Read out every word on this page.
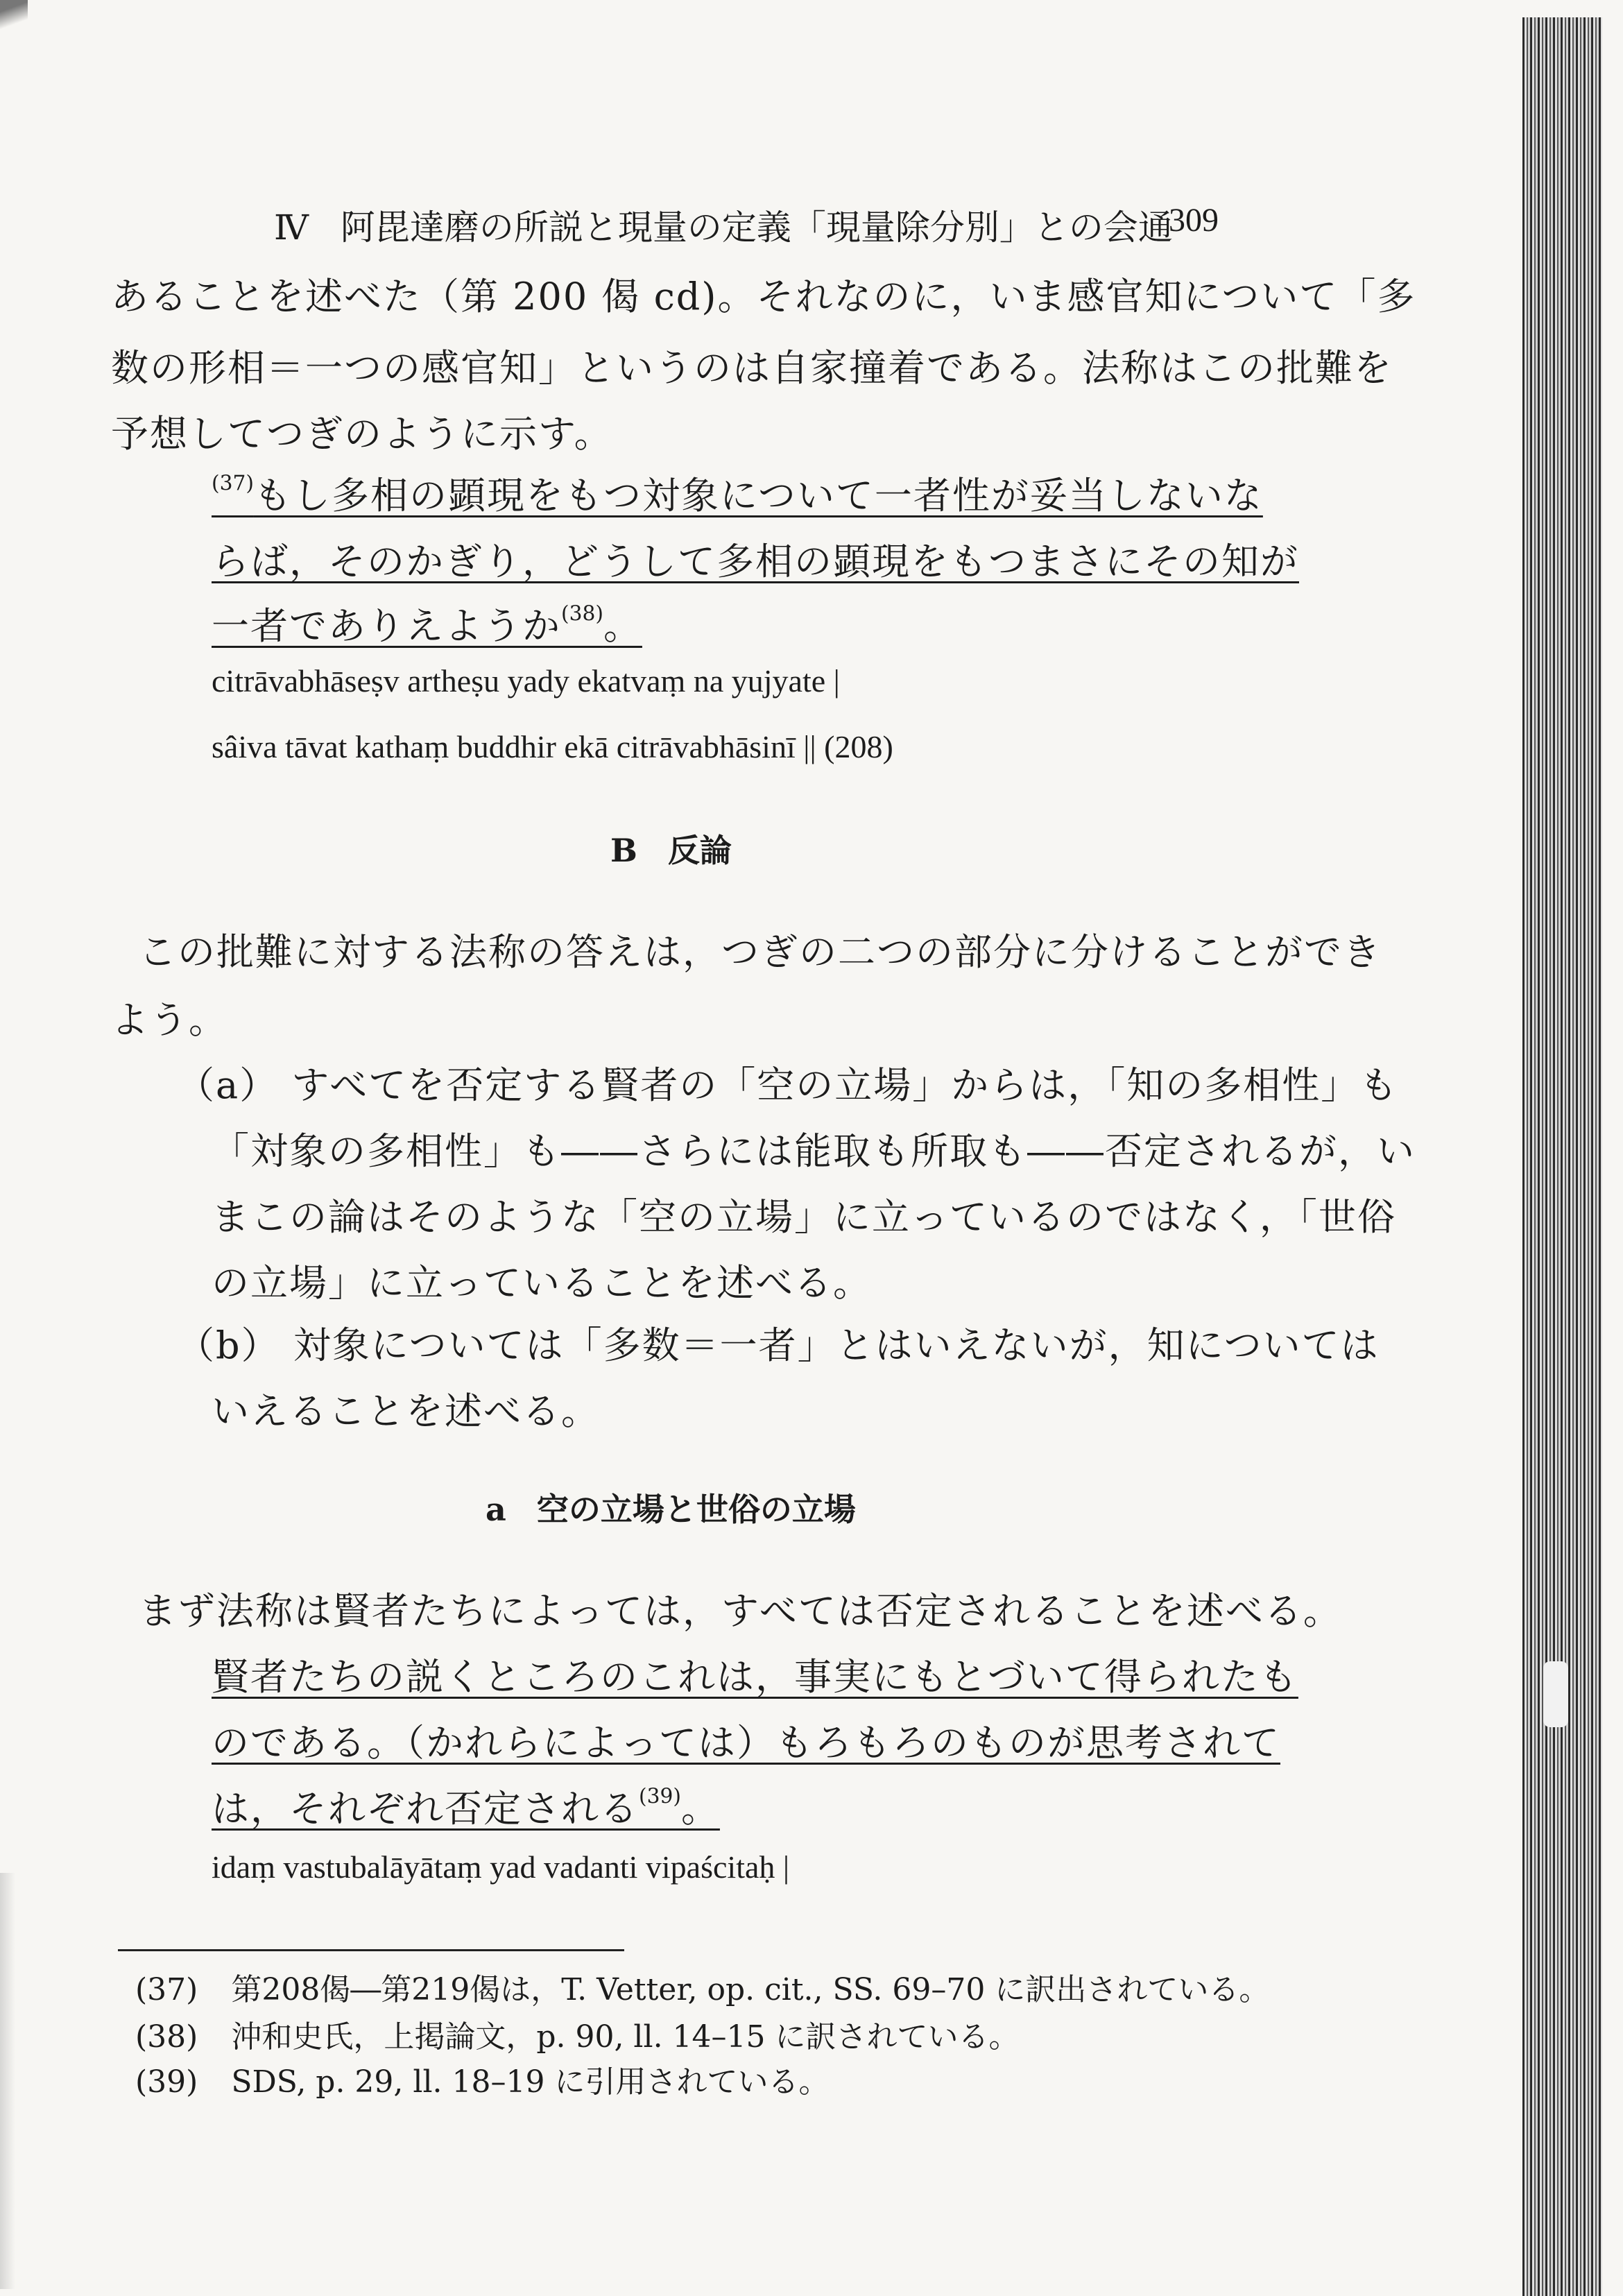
Ⅳ 阿毘達磨の所説と現量の定義「現量除分別」との会通
309
あることを述べた（第 200 偈 cd)。それなのに，いま感官知について「多
数の形相＝一つの感官知」というのは自家撞着である。法称はこの批難を
予想してつぎのように示す。
$^{(37)}$もし多相の顕現をもつ対象について一者性が妥当しないな
らば，そのかぎり，どうして多相の顕現をもつまさにその知が
一者でありえようか$^{(38)}$。
citrāvabhāseṣv artheṣu yady ekatvaṃ na yujyate |
sâiva tāvat kathaṃ buddhir ekā citrāvabhāsinī || (208)
B 反論
この批難に対する法称の答えは，つぎの二つの部分に分けることができ
よう。
（a） すべてを否定する賢者の「空の立場」からは，「知の多相性」も
「対象の多相性」も――さらには能取も所取も――否定されるが，い
まこの論はそのような「空の立場」に立っているのではなく，「世俗
の立場」に立っていることを述べる。
（b） 対象については「多数＝一者」とはいえないが，知については
いえることを述べる。
a 空の立場と世俗の立場
まず法称は賢者たちによっては，すべては否定されることを述べる。
賢者たちの説くところのこれは，事実にもとづいて得られたも
のである。（かれらによっては）もろもろのものが思考されて
は，それぞれ否定される$^{(39)}$。
idaṃ vastubalāyātaṃ yad vadanti vipaścitaḥ |
(37) 第208偈―第219偈は，T. Vetter, op. cit., SS. 69–70 に訳出されている。
(38) 沖和史氏，上掲論文，p. 90, ll. 14–15 に訳されている。
(39) SDS, p. 29, ll. 18–19 に引用されている。
